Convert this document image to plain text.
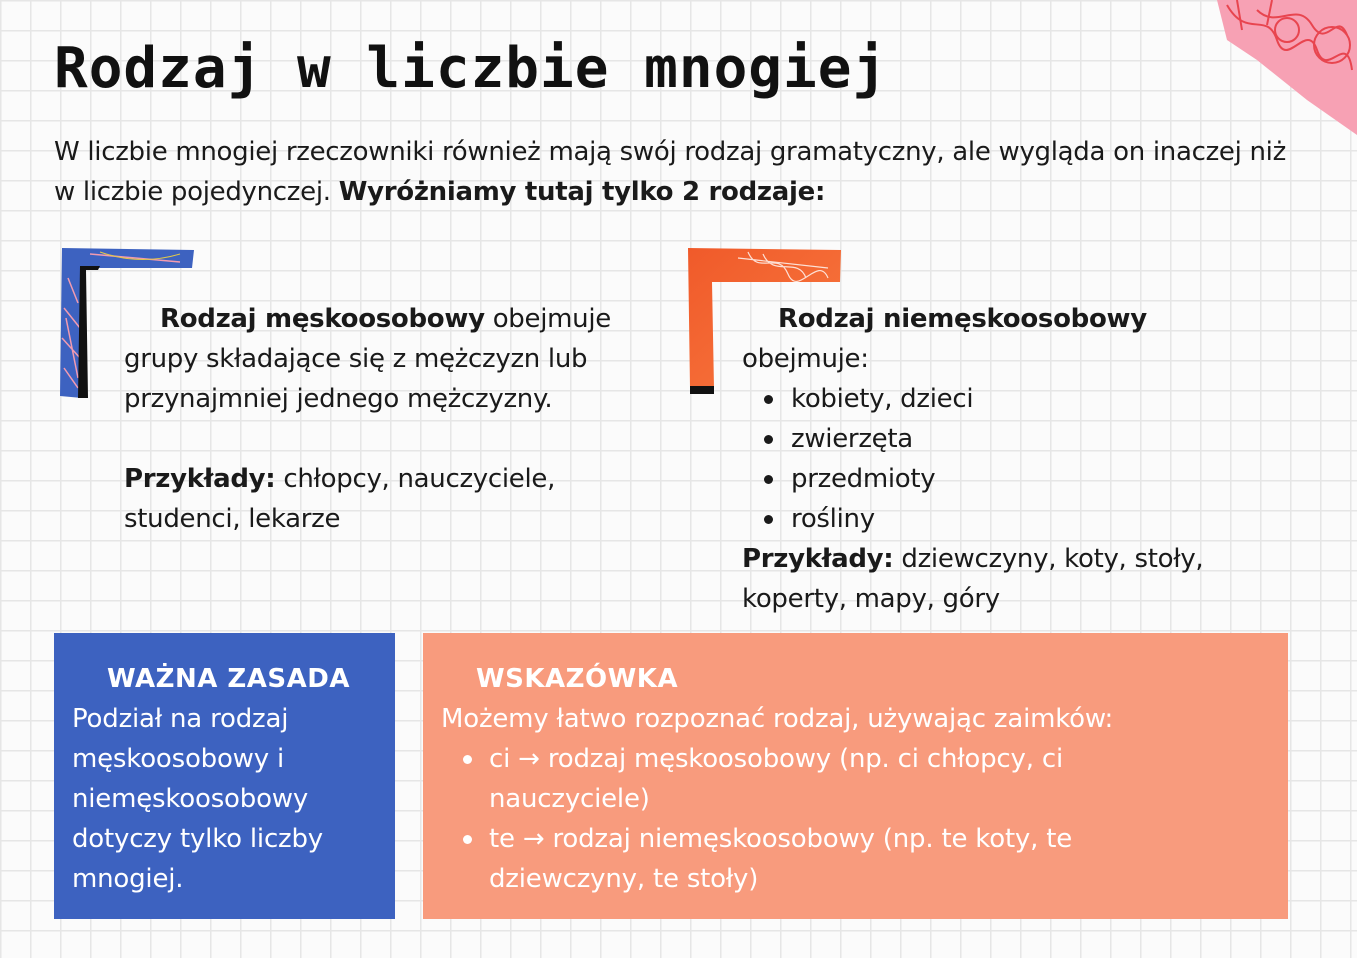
Rodzaj w liczbie mnogiej

W liczbie mnogiej rzeczowniki również mają swój rodzaj gramatyczny, ale wygląda on inaczej niż w liczbie pojedynczej. Wyróżniamy tutaj tylko 2 rodzaje:

Rodzaj męskoosobowy obejmuje grupy składające się z mężczyzn lub przynajmniej jednego mężczyzny.

Przykłady: chłopcy, nauczyciele, studenci, lekarze

Rodzaj niemęskoosobowy

obejmuje:

kobiety, dzieci
zwierzęta
przedmioty
rośliny

Przykłady: dziewczyny, koty, stoły, koperty, mapy, góry

WAŻNA ZASADA

Podział na rodzaj męskoosobowy i niemęskoosobowy dotyczy tylko liczby mnogiej.

WSKAZÓWKA

Możemy łatwo rozpoznać rodzaj, używając zaimków:

ci → rodzaj męskoosobowy (np. ci chłopcy, ci nauczyciele)
te → rodzaj niemęskoosobowy (np. te koty, te dziewczyny, te stoły)
